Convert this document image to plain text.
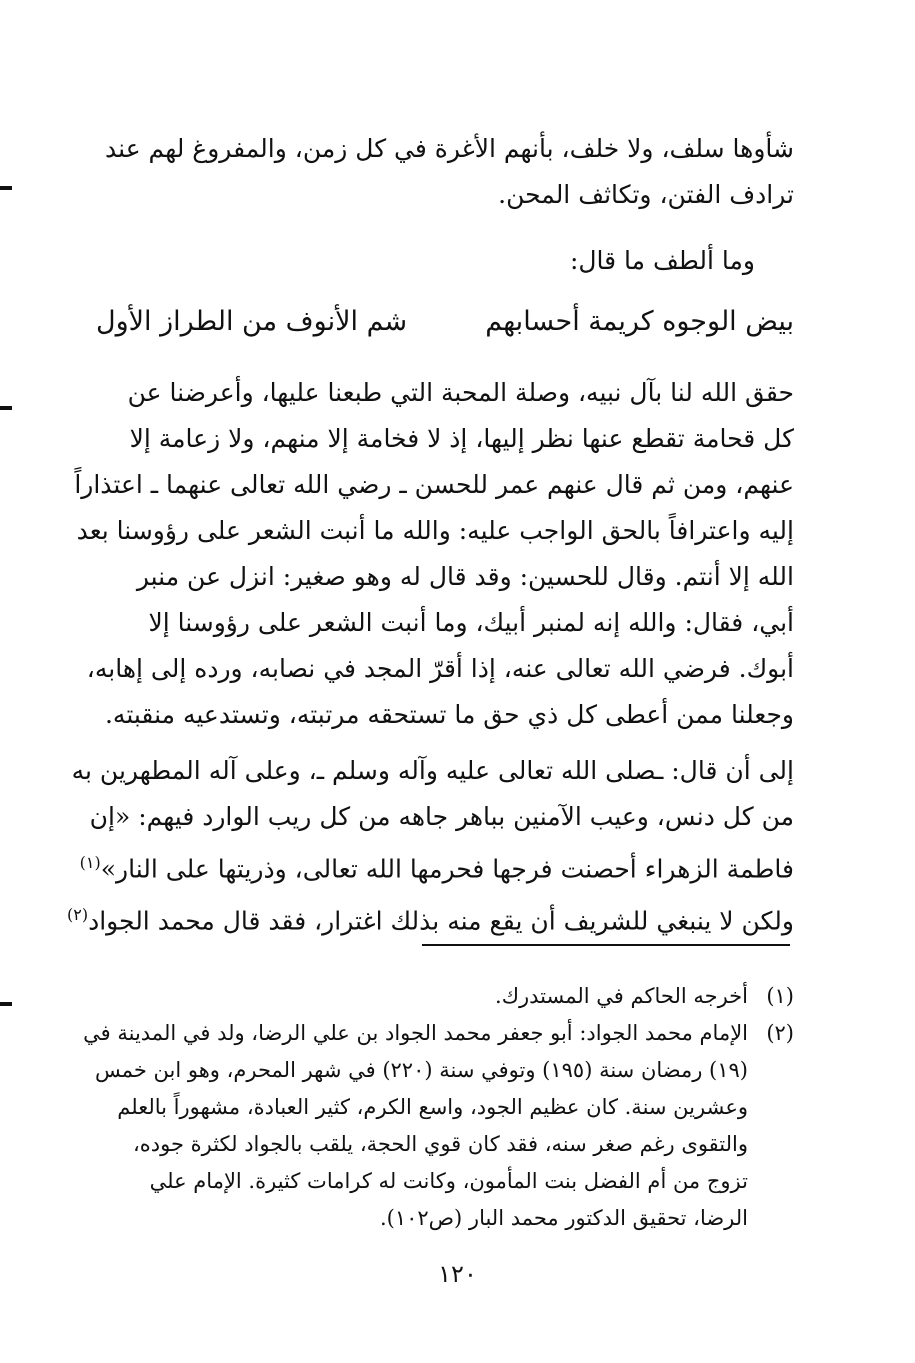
شأوها سلف، ولا خلف، بأنهم الأغرة في كل زمن، والمفروغ لهم عند
ترادف الفتن، وتكاثف المحن.
وما ألطف ما قال:
بيض الوجوه كريمة أحسابهم
شم الأنوف من الطراز الأول
حقق الله لنا بآل نبيه، وصلة المحبة التي طبعنا عليها، وأعرضنا عن
كل قحامة تقطع عنها نظر إليها، إذ لا فخامة إلا منهم، ولا زعامة إلا
عنهم، ومن ثم قال عنهم عمر للحسن ـ رضي الله تعالى عنهما ـ اعتذاراً
إليه واعترافاً بالحق الواجب عليه: والله ما أنبت الشعر على رؤوسنا بعد
الله إلا أنتم. وقال للحسين: وقد قال له وهو صغير: انزل عن منبر
أبي، فقال: والله إنه لمنبر أبيك، وما أنبت الشعر على رؤوسنا إلا
أبوك. فرضي الله تعالى عنه، إذا أقرّ المجد في نصابه، ورده إلى إهابه،
وجعلنا ممن أعطى كل ذي حق ما تستحقه مرتبته، وتستدعيه منقبته.
إلى أن قال: ـصلى الله تعالى عليه وآله وسلم ـ، وعلى آله المطهرين به
من كل دنس، وعيب الآمنين بباهر جاهه من كل ريب الوارد فيهم: «إن
فاطمة الزهراء أحصنت فرجها فحرمها الله تعالى، وذريتها على النار»$^{(١)}$
ولكن لا ينبغي للشريف أن يقع منه بذلك اغترار، فقد قال محمد الجواد$^{(٢)}$
(١)
أخرجه الحاكم في المستدرك.
(٢)
الإمام محمد الجواد: أبو جعفر محمد الجواد بن علي الرضا، ولد في المدينة في
(١٩) رمضان سنة (١٩٥) وتوفي سنة (٢٢٠) في شهر المحرم، وهو ابن خمس
وعشرين سنة. كان عظيم الجود، واسع الكرم، كثير العبادة، مشهوراً بالعلم
والتقوى رغم صغر سنه، فقد كان قوي الحجة، يلقب بالجواد لكثرة جوده،
تزوج من أم الفضل بنت المأمون، وكانت له كرامات كثيرة. الإمام علي
الرضا، تحقيق الدكتور محمد البار (ص١٠٢).
١٢٠
